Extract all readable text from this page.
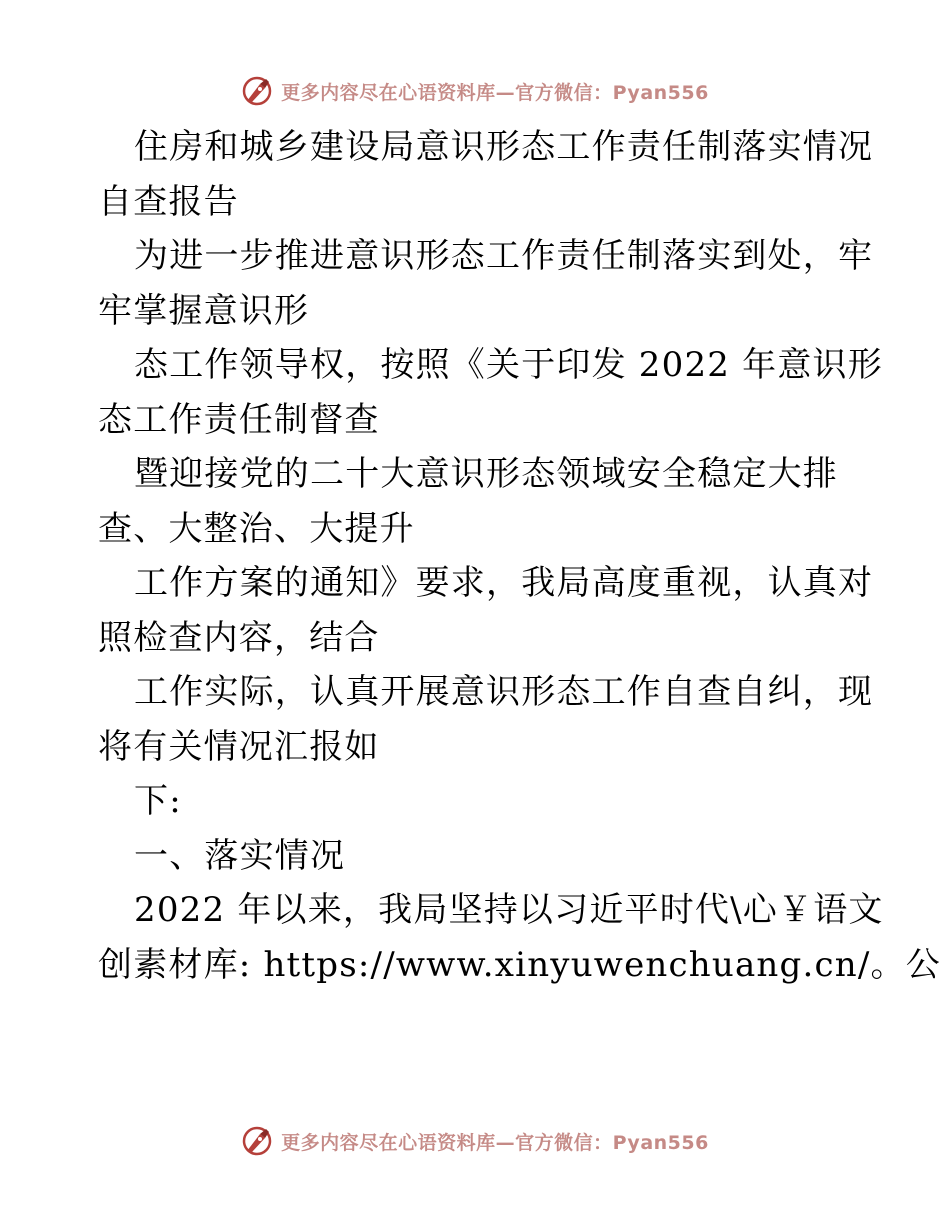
更多内容尽在心语资料库—官方微信：Pyan556
住房和城乡建设局意识形态工作责任制落实情况
自查报告
为进一步推进意识形态工作责任制落实到处，牢
牢掌握意识形
态工作领导权，按照《关于印发 2022 年意识形
态工作责任制督查
暨迎接党的二十大意识形态领域安全稳定大排
查、大整治、大提升
工作方案的通知》要求，我局高度重视，认真对
照检查内容，结合
工作实际，认真开展意识形态工作自查自纠，现
将有关情况汇报如
下:
一、落实情况
2022 年以来，我局坚持以习近平时代\心￥语文
创素材库: https://www.xinyuwenchuang.cn/。公
更多内容尽在心语资料库—官方微信：Pyan556
